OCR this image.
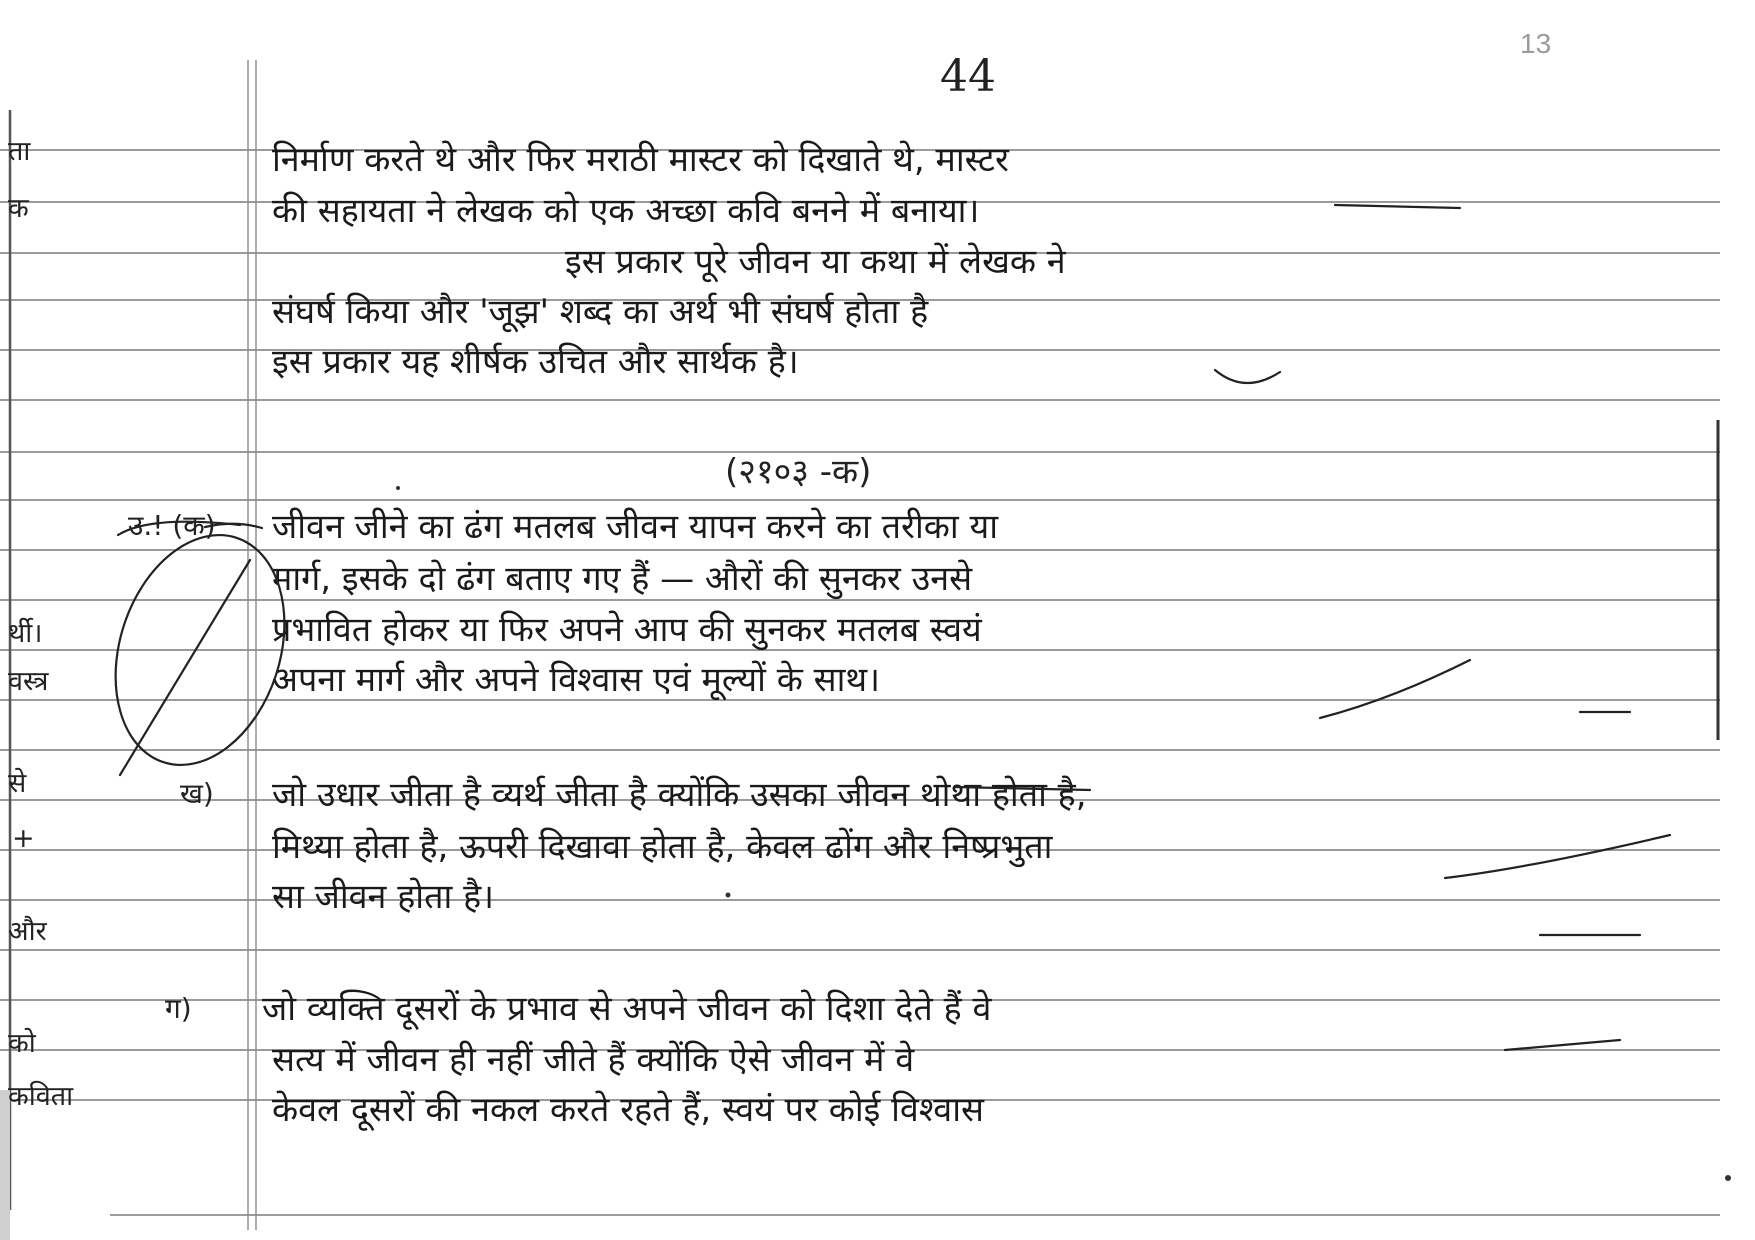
13
44
ता
क
र्थी।
वस्त्र
से
+
और
को
कविता
निर्माण करते थे और फिर मराठी मास्टर को दिखाते थे, मास्टर
की सहायता ने लेखक को एक अच्छा कवि बनने में बनाया।
इस प्रकार पूरे जीवन या कथा में लेखक ने
संघर्ष किया और 'जूझ' शब्द का अर्थ भी संघर्ष होता है
इस प्रकार यह शीर्षक उचित और सार्थक है।
(२१०३ -क)
उ.! (क) जीवन जीने का ढंग मतलब जीवन यापन करने का तरीका या
मार्ग, इसके दो ढंग बताए गए हैं — औरों की सुनकर उनसे
प्रभावित होकर या फिर अपने आप की सुनकर मतलब स्वयं
अपना मार्ग और अपने विश्वास एवं मूल्यों के साथ।
ख) जो उधार जीता है व्यर्थ जीता है क्योंकि उसका जीवन थोथा होता है,
मिथ्या होता है, ऊपरी दिखावा होता है, केवल ढोंग और निष्प्रभुता
सा जीवन होता है।
ग) जो व्यक्ति दूसरों के प्रभाव से अपने जीवन को दिशा देते हैं वे
सत्य में जीवन ही नहीं जीते हैं क्योंकि ऐसे जीवन में वे
केवल दूसरों की नकल करते रहते हैं, स्वयं पर कोई विश्वास
